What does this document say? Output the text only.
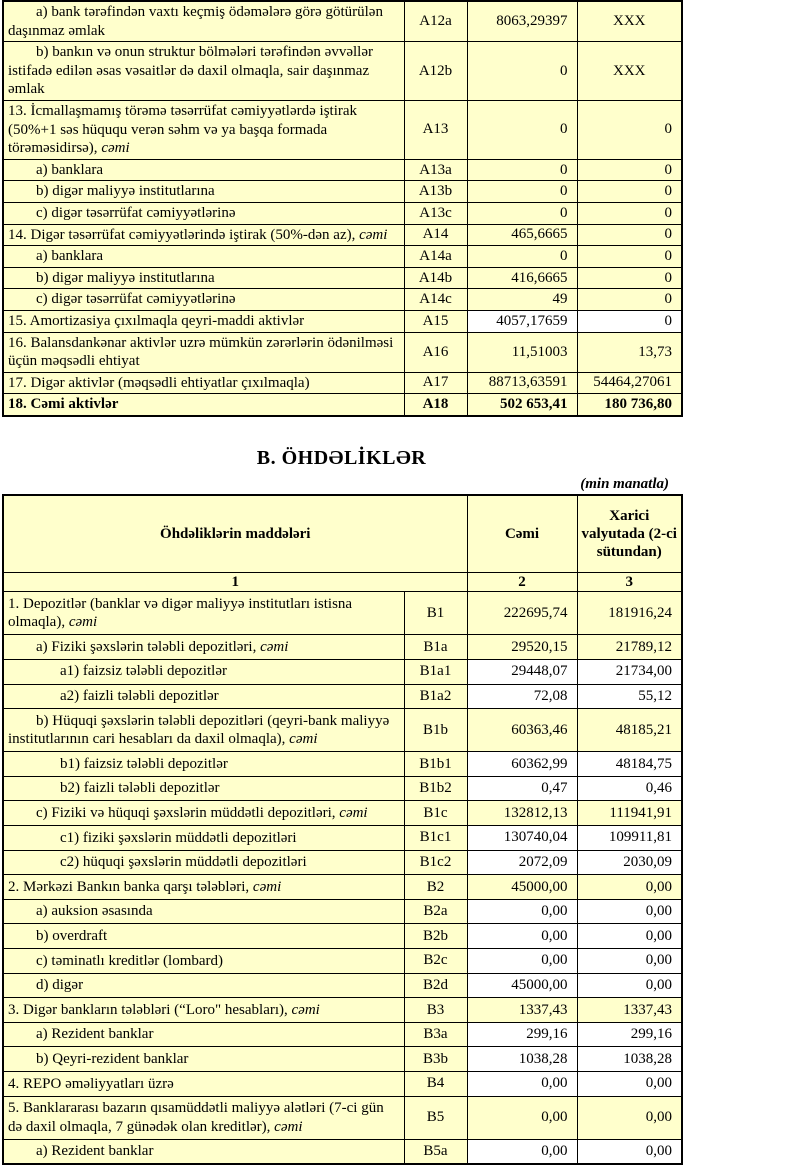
a) bank tərəfindən vaxtı keçmiş ödəmələrə görə götürülən daşınmaz əmlak	A12a	8063,29397	XXX
b) bankın və onun struktur bölmələri tərəfindən əvvəllər istifadə edilən əsas vəsaitlər də daxil olmaqla, sair daşınmaz əmlak	A12b	0	XXX
13. İcmallaşmamış törəmə təsərrüfat cəmiyyətlərdə iştirak (50%+1 səs hüququ verən səhm və ya başqa formada törəməsidirsə), cəmi	A13	0	0
a) banklara	A13a	0	0
b) digər maliyyə institutlarına	A13b	0	0
c) digər təsərrüfat cəmiyyətlərinə	A13c	0	0
14. Digər təsərrüfat cəmiyyətlərində iştirak (50%-dən az), cəmi	A14	465,6665	0
a) banklara	A14a	0	0
b) digər maliyyə institutlarına	A14b	416,6665	0
c) digər təsərrüfat cəmiyyətlərinə	A14c	49	0
15. Amortizasiya çıxılmaqla qeyri-maddi aktivlər	A15	4057,17659	0
16. Balansdankənar aktivlər uzrə mümkün zərərlərin ödənilməsi üçün məqsədli ehtiyat	A16	11,51003	13,73
17. Digər aktivlər (məqsədli ehtiyatlar çıxılmaqla)	A17	88713,63591	54464,27061
18. Cəmi aktivlər	A18	502 653,41	180 736,80
B. ÖHDƏLİKLƏR
(min manatla)
Öhdəliklərin maddələri		Cəmi	Xarici valyutada (2-ci sütundan)
1		2	3
1. Depozitlər (banklar və digər maliyyə institutları istisna olmaqla), cəmi	B1	222695,74	181916,24
a) Fiziki şəxslərin tələbli depozitləri, cəmi	B1a	29520,15	21789,12
a1) faizsiz tələbli depozitlər	B1a1	29448,07	21734,00
a2) faizli tələbli depozitlər	B1a2	72,08	55,12
b) Hüquqi şəxslərin tələbli depozitləri (qeyri-bank maliyyə institutlarının cari hesabları da daxil olmaqla), cəmi	B1b	60363,46	48185,21
b1) faizsiz tələbli depozitlər	B1b1	60362,99	48184,75
b2) faizli tələbli depozitlər	B1b2	0,47	0,46
c) Fiziki və hüquqi şəxslərin müddətli depozitləri, cəmi	B1c	132812,13	111941,91
c1) fiziki şəxslərin müddətli depozitləri	B1c1	130740,04	109911,81
c2) hüquqi şəxslərin müddətli depozitləri	B1c2	2072,09	2030,09
2. Mərkəzi Bankın banka qarşı tələbləri, cəmi	B2	45000,00	0,00
a) auksion əsasında	B2a	0,00	0,00
b) overdraft	B2b	0,00	0,00
c) təminatlı kreditlər (lombard)	B2c	0,00	0,00
d) digər	B2d	45000,00	0,00
3. Digər bankların tələbləri (“Loro" hesabları), cəmi	B3	1337,43	1337,43
a) Rezident banklar	B3a	299,16	299,16
b) Qeyri-rezident banklar	B3b	1038,28	1038,28
4. REPO əməliyyatları üzrə	B4	0,00	0,00
5. Banklararası bazarın qısamüddətli maliyyə alətləri (7-ci gün də daxil olmaqla, 7 günədək olan kreditlər), cəmi	B5	0,00	0,00
a) Rezident banklar	B5a	0,00	0,00
